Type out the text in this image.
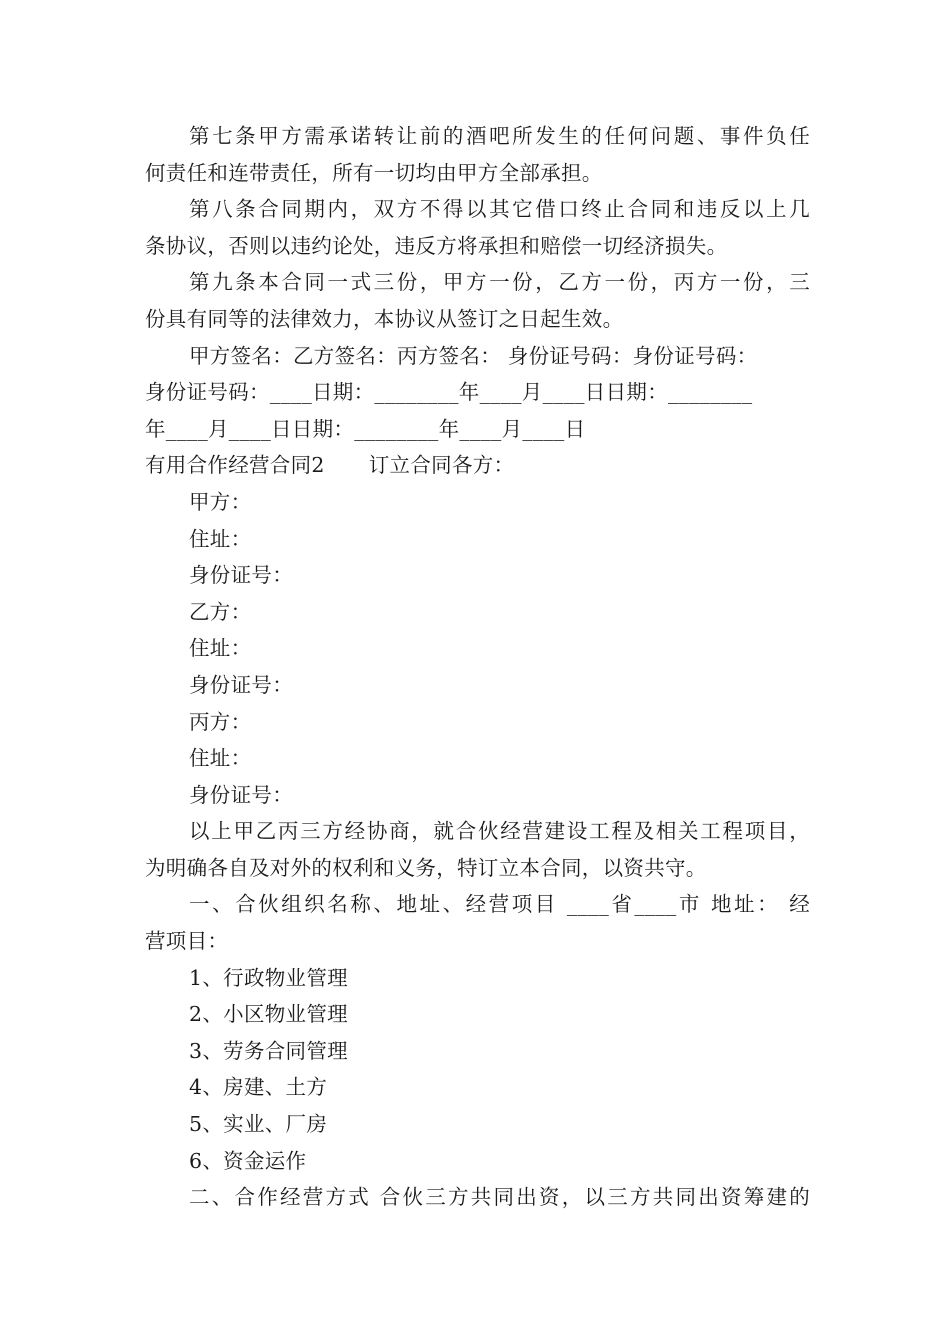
第七条甲方需承诺转让前的酒吧所发生的任何问题、事件负任
何责任和连带责任，所有一切均由甲方全部承担。
第八条合同期内，双方不得以其它借口终止合同和违反以上几
条协议，否则以违约论处，违反方将承担和赔偿一切经济损失。
第九条本合同一式三份，甲方一份，乙方一份，丙方一份，三
份具有同等的法律效力，本协议从签订之日起生效。
甲方签名：乙方签名：丙方签名： 身份证号码：身份证号码：
身份证号码：____日期：________年____月____日日期：________
年____月____日日期：________年____月____日
有用合作经营合同2 订立合同各方：
甲方：
住址：
身份证号：
乙方：
住址：
身份证号：
丙方：
住址：
身份证号：
以上甲乙丙三方经协商，就合伙经营建设工程及相关工程项目，
为明确各自及对外的权利和义务，特订立本合同，以资共守。
一、合伙组织名称、地址、经营项目 ____省____市 地址： 经
营项目：
1、行政物业管理
2、小区物业管理
3、劳务合同管理
4、房建、土方
5、实业、厂房
6、资金运作
二、合作经营方式 合伙三方共同出资，以三方共同出资筹建的
